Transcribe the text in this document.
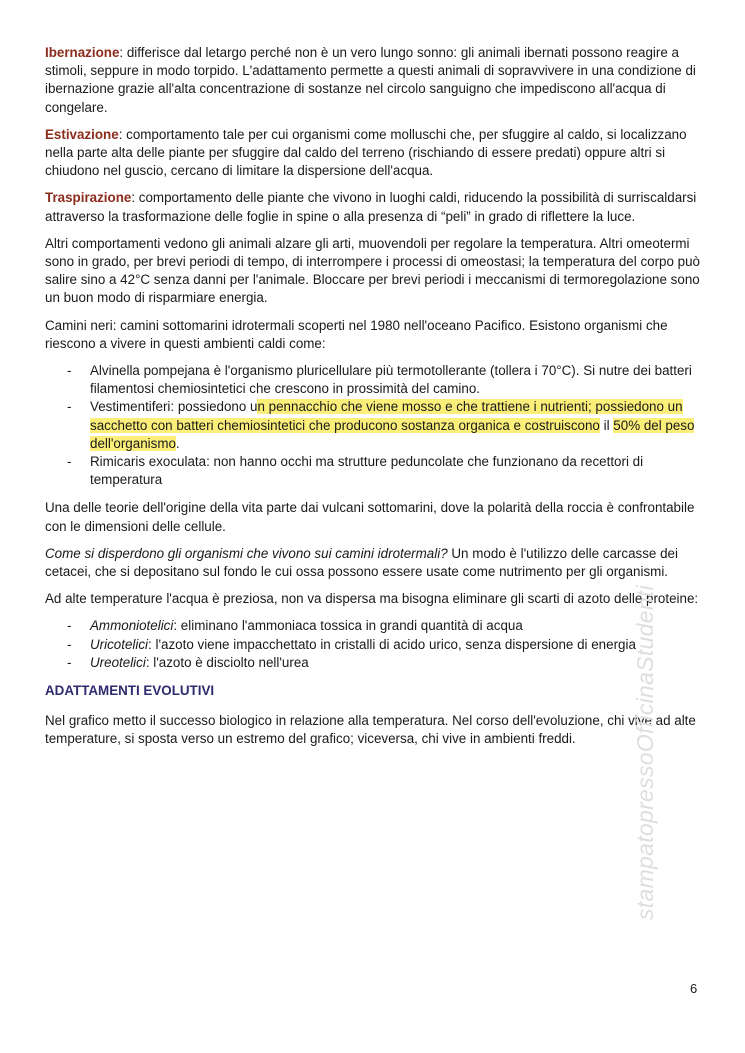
Ibernazione: differisce dal letargo perché non è un vero lungo sonno: gli animali ibernati possono reagire a stimoli, seppure in modo torpido. L'adattamento permette a questi animali di sopravvivere in una condizione di ibernazione grazie all'alta concentrazione di sostanze nel circolo sanguigno che impediscono all'acqua di congelare.

Estivazione: comportamento tale per cui organismi come molluschi che, per sfuggire al caldo, si localizzano nella parte alta delle piante per sfuggire dal caldo del terreno (rischiando di essere predati) oppure altri si chiudono nel guscio, cercano di limitare la dispersione dell'acqua.

Traspirazione: comportamento delle piante che vivono in luoghi caldi, riducendo la possibilità di surriscaldarsi attraverso la trasformazione delle foglie in spine o alla presenza di “peli” in grado di riflettere la luce.

Altri comportamenti vedono gli animali alzare gli arti, muovendoli per regolare la temperatura. Altri omeotermi sono in grado, per brevi periodi di tempo, di interrompere i processi di omeostasi; la temperatura del corpo può salire sino a 42°C senza danni per l'animale. Bloccare per brevi periodi i meccanismi di termoregolazione sono un buon modo di risparmiare energia.

Camini neri: camini sottomarini idrotermali scoperti nel 1980 nell'oceano Pacifico. Esistono organismi che riescono a vivere in questi ambienti caldi come:

- Alvinella pompejana è l'organismo pluricellulare più termotollerante (tollera i 70°C). Si nutre dei batteri filamentosi chemiosintetici che crescono in prossimità del camino.
- Vestimentiferi: possiedono un pennacchio che viene mosso e che trattiene i nutrienti; possiedono un sacchetto con batteri chemiosintetici che producono sostanza organica e costruiscono il 50% del peso dell'organismo.
- Rimicaris exoculata: non hanno occhi ma strutture peduncolate che funzionano da recettori di temperatura

Una delle teorie dell'origine della vita parte dai vulcani sottomarini, dove la polarità della roccia è confrontabile con le dimensioni delle cellule.

Come si disperdono gli organismi che vivono sui camini idrotermali? Un modo è l'utilizzo delle carcasse dei cetacei, che si depositano sul fondo le cui ossa possono essere usate come nutrimento per gli organismi.

Ad alte temperature l'acqua è preziosa, non va dispersa ma bisogna eliminare gli scarti di azoto delle proteine:

- Ammoniotelici: eliminano l'ammoniaca tossica in grandi quantità di acqua
- Uricotelici: l'azoto viene impacchettato in cristalli di acido urico, senza dispersione di energia
- Ureotelici: l'azoto è disciolto nell'urea
ADATTAMENTI EVOLUTIVI

Nel grafico metto il successo biologico in relazione alla temperatura. Nel corso dell'evoluzione, chi vive ad alte temperature, si sposta verso un estremo del grafico; viceversa, chi vive in ambienti freddi.	stampatopressoOfficinaStudenti
6
